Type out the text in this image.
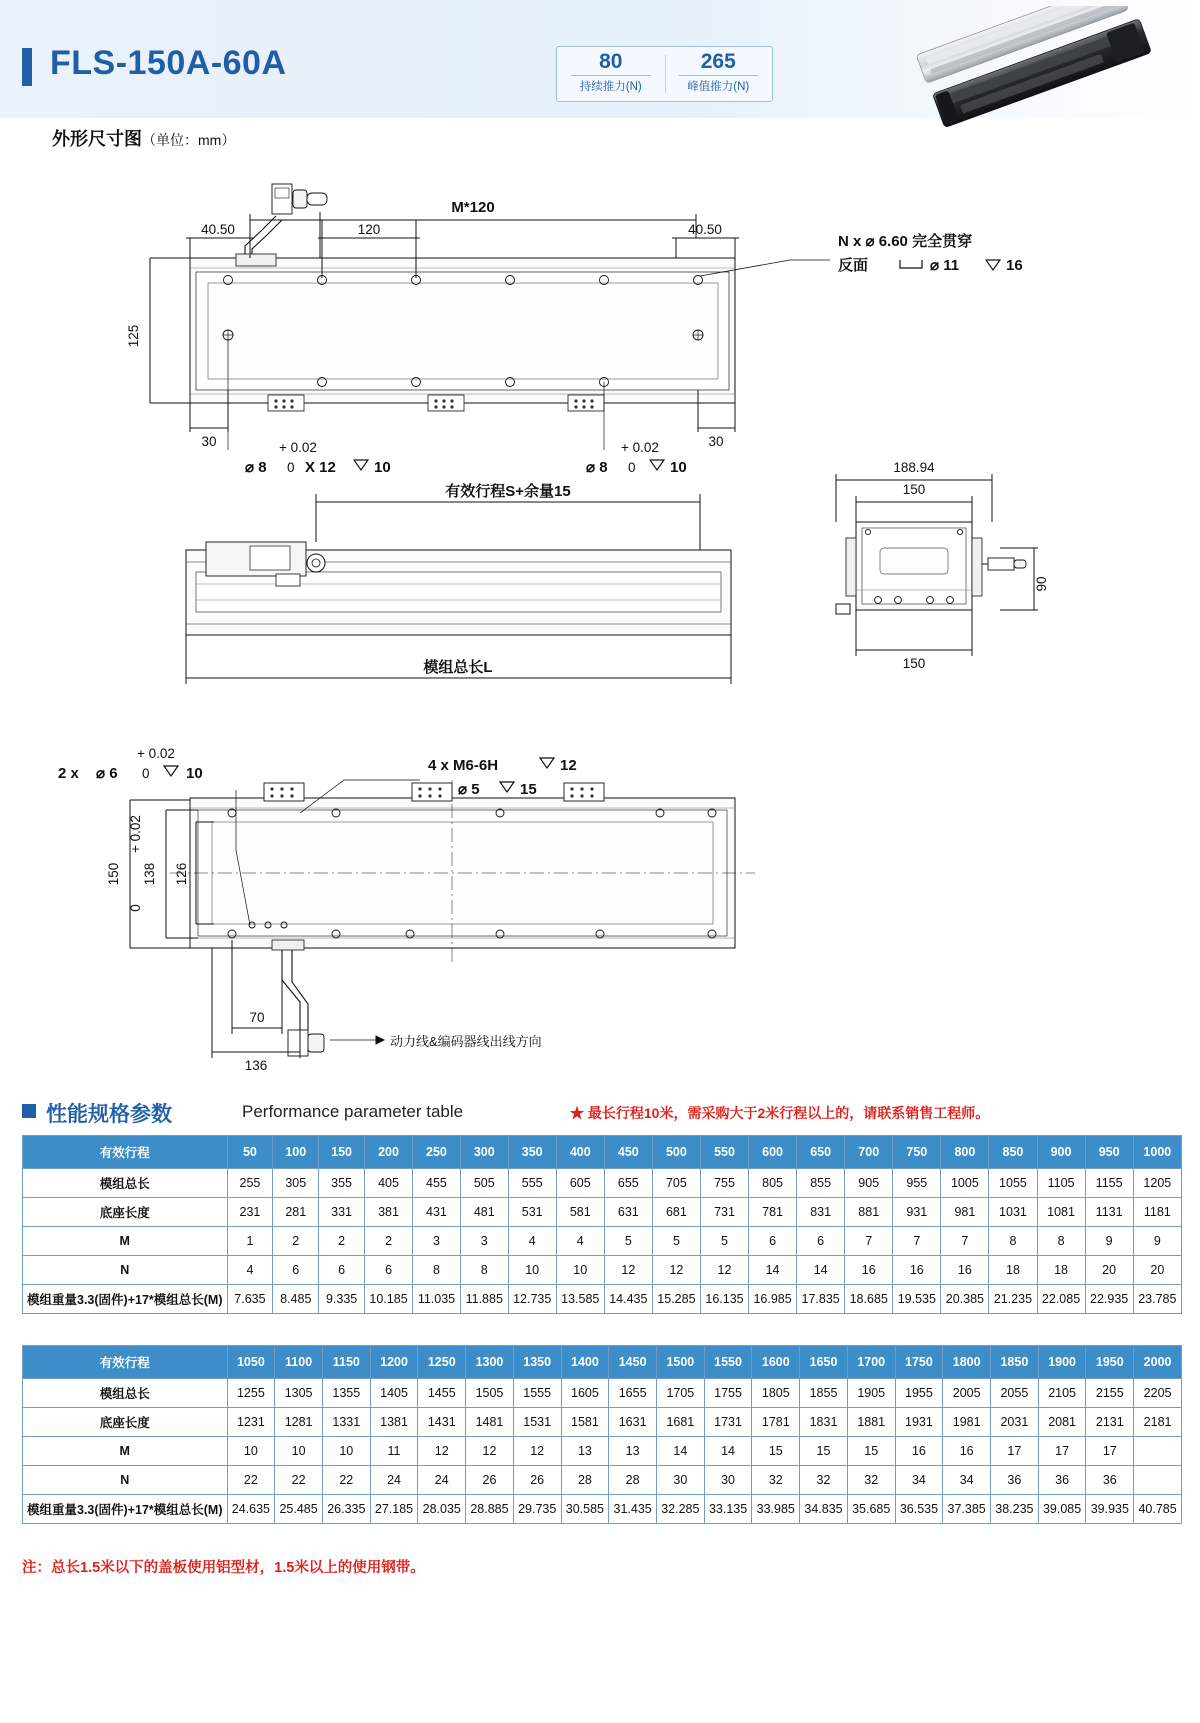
FLS-150A-60A	80
持续推力(N)
265
峰值推力(N)
外形尺寸图（单位：mm）
40.50	40.50
M*120
120
125
30	30
N x ⌀ 6.60 完全贯穿
反面	⌀ 11	16
+ 0.02
⌀ 8 0 X 12	10
+ 0.02
⌀ 8 0 10
有效行程S+余量15
模组总长L
188.94
150
90
150
+ 0.02
2 x ⌀ 6 0 10	4 x M6-6H	12
⌀ 5	15
150 138
+ 0.02
0
126
70
136
动力线&编码器线出线方向
性能规格参数	Performance parameter table	★ 最长行程10米，需采购大于2米行程以上的，请联系销售工程师。
有效行程	50	100	150	200	250	300	350	400	450	500	550	600	650	700	750	800	850	900	950	1000
模组总长	255	305	355	405	455	505	555	605	655	705	755	805	855	905	955	1005	1055	1105	1155	1205
底座长度	231	281	331	381	431	481	531	581	631	681	731	781	831	881	931	981	1031	1081	1131	1181
M	1	2	2	2	3	3	4	4	5	5	5	6	6	7	7	7	8	8	9	9
N	4	6	6	6	8	8	10	10	12	12	12	14	14	16	16	16	18	18	20	20
模组重量3.3(固件)+17*模组总长(M)	7.635	8.485	9.335	10.185	11.035	11.885	12.735	13.585	14.435	15.285	16.135	16.985	17.835	18.685	19.535	20.385	21.235	22.085	22.935	23.785
有效行程	1050	1100	1150	1200	1250	1300	1350	1400	1450	1500	1550	1600	1650	1700	1750	1800	1850	1900	1950	2000
模组总长	1255	1305	1355	1405	1455	1505	1555	1605	1655	1705	1755	1805	1855	1905	1955	2005	2055	2105	2155	2205
底座长度	1231	1281	1331	1381	1431	1481	1531	1581	1631	1681	1731	1781	1831	1881	1931	1981	2031	2081	2131	2181
M	10	10	10	11	12	12	12	13	13	14	14	15	15	15	16	16	17	17	17	
N	22	22	22	24	24	26	26	28	28	30	30	32	32	32	34	34	36	36	36	
模组重量3.3(固件)+17*模组总长(M)	24.635	25.485	26.335	27.185	28.035	28.885	29.735	30.585	31.435	32.285	33.135	33.985	34.835	35.685	36.535	37.385	38.235	39.085	39.935	40.785
注：总长1.5米以下的盖板使用铝型材，1.5米以上的使用钢带。
